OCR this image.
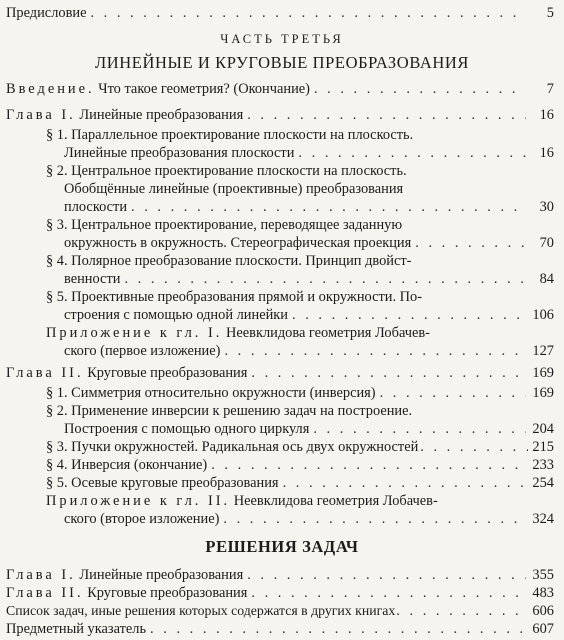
Предисловие . . .	5
ЧАСТЬ ТРЕТЬЯ
ЛИНЕЙНЫЕ И КРУГОВЫЕ ПРЕОБРАЗОВАНИЯ
Введение. Что такое геометрия? (Окончание) . . .	7
Глава I. Линейные преобразования . . .	16
§ 1. Параллельное проектирование плоскости на плоскость.
Линейные преобразования плоскости . . .	16
§ 2. Центральное проектирование плоскости на плоскость.
Обобщённые линейные (проективные) преобразования
плоскости . . .	30
§ 3. Центральное проектирование, переводящее заданную
окружность в окружность. Стереографическая проекция . . .	70
§ 4. Полярное преобразование плоскости. Принцип двойст-
венности . . .	84
§ 5. Проективные преобразования прямой и окружности. По-
строения с помощью одной линейки . . .	106
Приложение к гл. I. Неевклидова геометрия Лобачев-
ского (первое изложение) . . .	127
Глава II. Круговые преобразования . . .	169
§ 1. Симметрия относительно окружности (инверсия) . . .	169
§ 2. Применение инверсии к решению задач на построение.
Построения с помощью одного циркуля . . .	204
§ 3. Пучки окружностей. Радикальная ось двух окружностей . . .	215
§ 4. Инверсия (окончание) . . .	233
§ 5. Осевые круговые преобразования . . .	254
Приложение к гл. II. Неевклидова геометрия Лобачев-
ского (второе изложение) . . .	324
РЕШЕНИЯ ЗАДАЧ
Глава I. Линейные преобразования . . .	355
Глава II. Круговые преобразования . . .	483
Список задач, иные решения которых содержатся в других книгах . . .	606
Предметный указатель . . .	607
